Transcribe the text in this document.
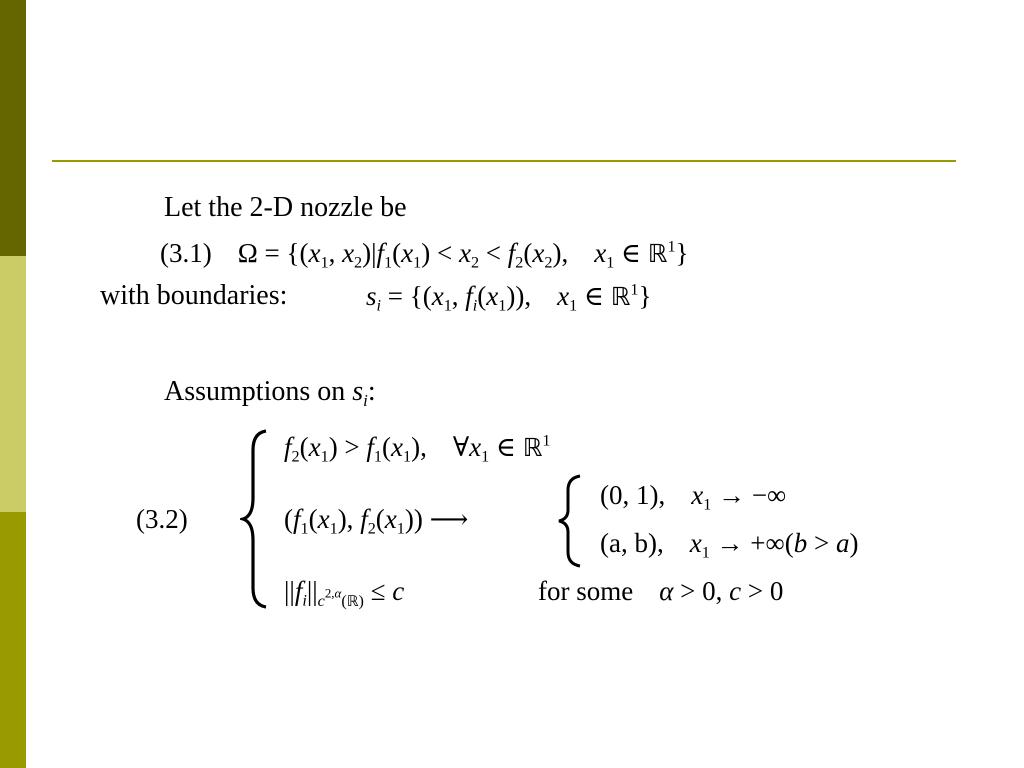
Let the 2-D nozzle be
(3.1) $\Omega = \{(x_1$, $x_2)|f_1(x_1) < x_2 < f_2(x_2)$, $x_1$ ∈ ℝ$^1$}
with boundaries:	$s_i = \{(x_1$, $f_i(x_1)$), $x_1$ ∈ ℝ$^1$}
Assumptions on $s_i$:
(3.2)
$f_2(x_1) > f_1(x_1)$, $\forall x_1$ ∈ ℝ$^1$
($f_1(x_1)$, $f_2(x_1)$) ⟶
(0, 1), $x_1$ → −∞
(a, b), $x_1 \to +\infty(b > a)$
$||f_i||_{c^{2,\alpha}(ℝ)} \le c$	for some α > 0, c > 0
